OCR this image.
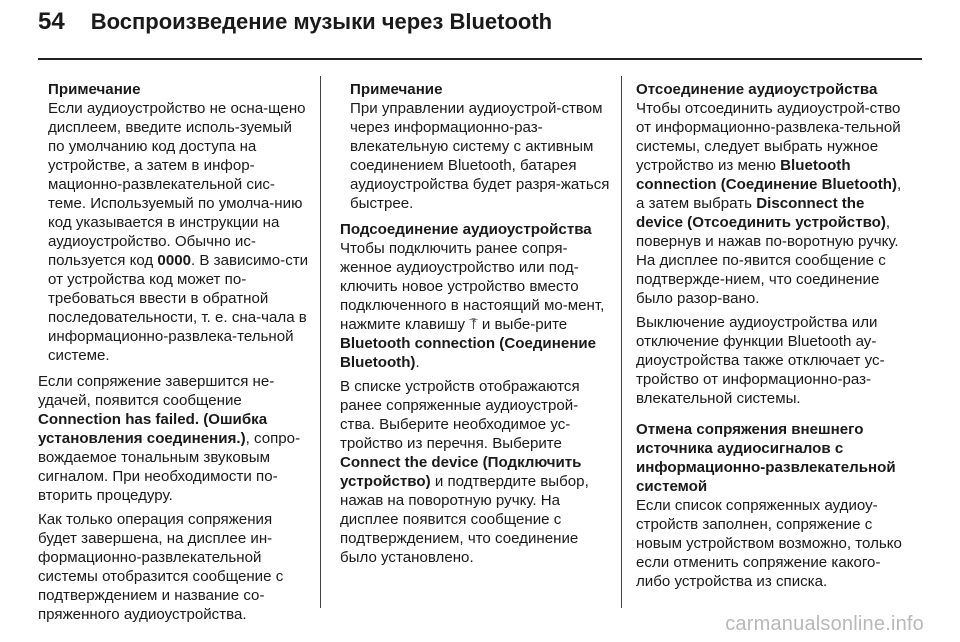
54 Воспроизведение музыки через Bluetooth
Примечание

Если аудиоустройство не осна-щено дисплеем, введите исполь-зуемый по умолчанию код доступа на устройстве, а затем в инфор-мационно-развлекательной сис-теме. Используемый по умолча-нию код указывается в инструкции на аудиоустройство. Обычно ис-пользуется код 0000. В зависимо-сти от устройства код может по-требоваться ввести в обратной последовательности, т. е. сна-чала в информационно-развлека-тельной системе.

Если сопряжение завершится не-удачей, появится сообщение Connection has failed. (Ошибка установления соединения.), сопро-вождаемое тональным звуковым сигналом. При необходимости по-вторить процедуру.

Как только операция сопряжения будет завершена, на дисплее ин-формационно-развлекательной системы отобразится сообщение с подтверждением и название со-пряженного аудиоустройства.

Примечание

При управлении аудиоустрой-ством через информационно-раз-влекательную систему с активным соединением Bluetooth, батарея аудиоустройства будет разря-жаться быстрее.

Подсоединение аудиоустройства

Чтобы подключить ранее сопря-женное аудиоустройство или под-ключить новое устройство вместо подключенного в настоящий мо-мент, нажмите клавишу ⍑⃰ и выбе-рите Bluetooth connection (Соединение Bluetooth).

В списке устройств отображаются ранее сопряженные аудиоустрой-ства. Выберите необходимое ус-тройство из перечня. Выберите Connect the device (Подключить устройство) и подтвердите выбор, нажав на поворотную ручку. На дисплее появится сообщение с подтверждением, что соединение было установлено.

Отсоединение аудиоустройства

Чтобы отсоединить аудиоустрой-ство от информационно-развлека-тельной системы, следует выбрать нужное устройство из меню Bluetooth connection (Соединение Bluetooth), а затем выбрать Disconnect the device (Отсоединить устройство), повернув и нажав по-воротную ручку. На дисплее по-явится сообщение с подтвержде-нием, что соединение было разор-вано.

Выключение аудиоустройства или отключение функции Bluetooth ау-диоустройства также отключает ус-тройство от информационно-раз-влекательной системы.

Отмена сопряжения внешнего источника аудиосигналов с информационно-развлекательной системой

Если список сопряженных аудиоу-стройств заполнен, сопряжение с новым устройством возможно, только если отменить сопряжение какого-либо устройства из списка.

carmanualsonline.info
